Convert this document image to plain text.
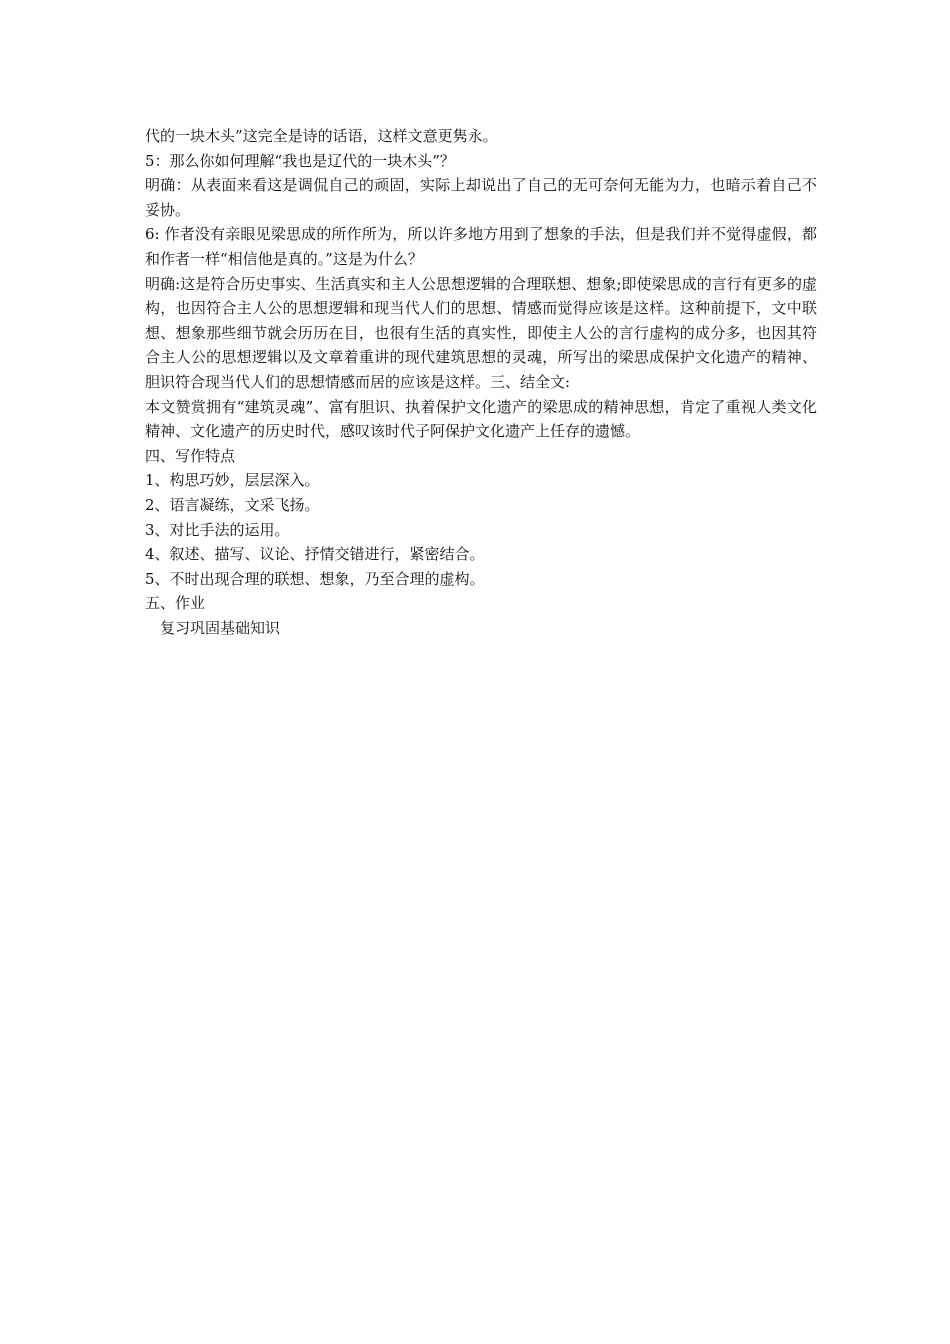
代的一块木头”这完全是诗的话语，这样文意更隽永。

5：那么你如何理解“我也是辽代的一块木头”？

明确：从表面来看这是调侃自己的顽固，实际上却说出了自己的无可奈何无能为力，也暗示着自己不妥协。

6: 作者没有亲眼见梁思成的所作所为，所以许多地方用到了想象的手法，但是我们并不觉得虚假，都和作者一样“相信他是真的。”这是为什么？

明确:这是符合历史事实、生活真实和主人公思想逻辑的合理联想、想象;即使梁思成的言行有更多的虚构，也因符合主人公的思想逻辑和现当代人们的思想、情感而觉得应该是这样。这种前提下，文中联想、想象那些细节就会历历在目，也很有生活的真实性，即使主人公的言行虚构的成分多，也因其符合主人公的思想逻辑以及文章着重讲的现代建筑思想的灵魂，所写出的梁思成保护文化遗产的精神、胆识符合现当代人们的思想情感而居的应该是这样。三、结全文:

本文赞赏拥有“建筑灵魂”、富有胆识、执着保护文化遗产的梁思成的精神思想，肯定了重视人类文化精神、文化遗产的历史时代，感叹该时代子阿保护文化遗产上任存的遗憾。

四、写作特点

1、构思巧妙，层层深入。

2、语言凝练，文采飞扬。

3、对比手法的运用。

4、叙述、描写、议论、抒情交错进行，紧密结合。

5、不时出现合理的联想、想象，乃至合理的虚构。

五、作业

复习巩固基础知识
